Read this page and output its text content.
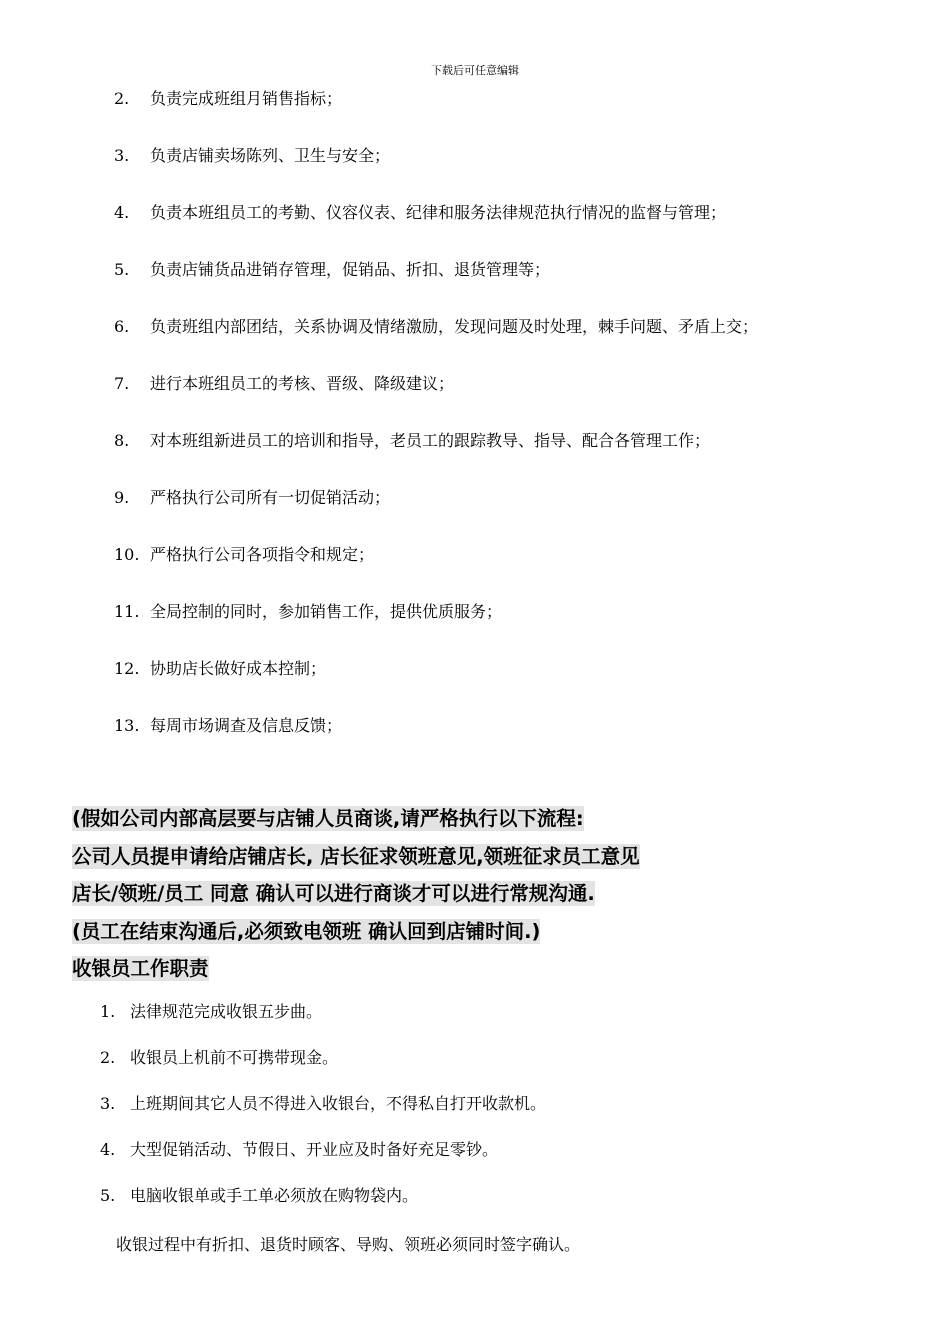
下载后可任意编辑
2.	负责完成班组月销售指标；
3.	负责店铺卖场陈列、卫生与安全；
4.	负责本班组员工的考勤、仪容仪表、纪律和服务法律规范执行情况的监督与管理；
5.	负责店铺货品进销存管理，促销品、折扣、退货管理等；
6.	负责班组内部团结，关系协调及情绪激励，发现问题及时处理，棘手问题、矛盾上交；
7.	进行本班组员工的考核、晋级、降级建议；
8.	对本班组新进员工的培训和指导，老员工的跟踪教导、指导、配合各管理工作；
9.	严格执行公司所有一切促销活动；
10. 严格执行公司各项指令和规定；
11. 全局控制的同时，参加销售工作，提供优质服务；
12. 协助店长做好成本控制；
13. 每周市场调查及信息反馈；
(假如公司内部高层要与店铺人员商谈,请严格执行以下流程:
公司人员提申请给店铺店长, 店长征求领班意见,领班征求员工意见
店长/领班/员工 同意 确认可以进行商谈才可以进行常规沟通.
(员工在结束沟通后,必须致电领班 确认回到店铺时间.)
收银员工作职责
1. 法律规范完成收银五步曲。
2. 收银员上机前不可携带现金。
3. 上班期间其它人员不得进入收银台，不得私自打开收款机。
4. 大型促销活动、节假日、开业应及时备好充足零钞。
5. 电脑收银单或手工单必须放在购物袋内。
收银过程中有折扣、退货时顾客、导购、领班必须同时签字确认。
